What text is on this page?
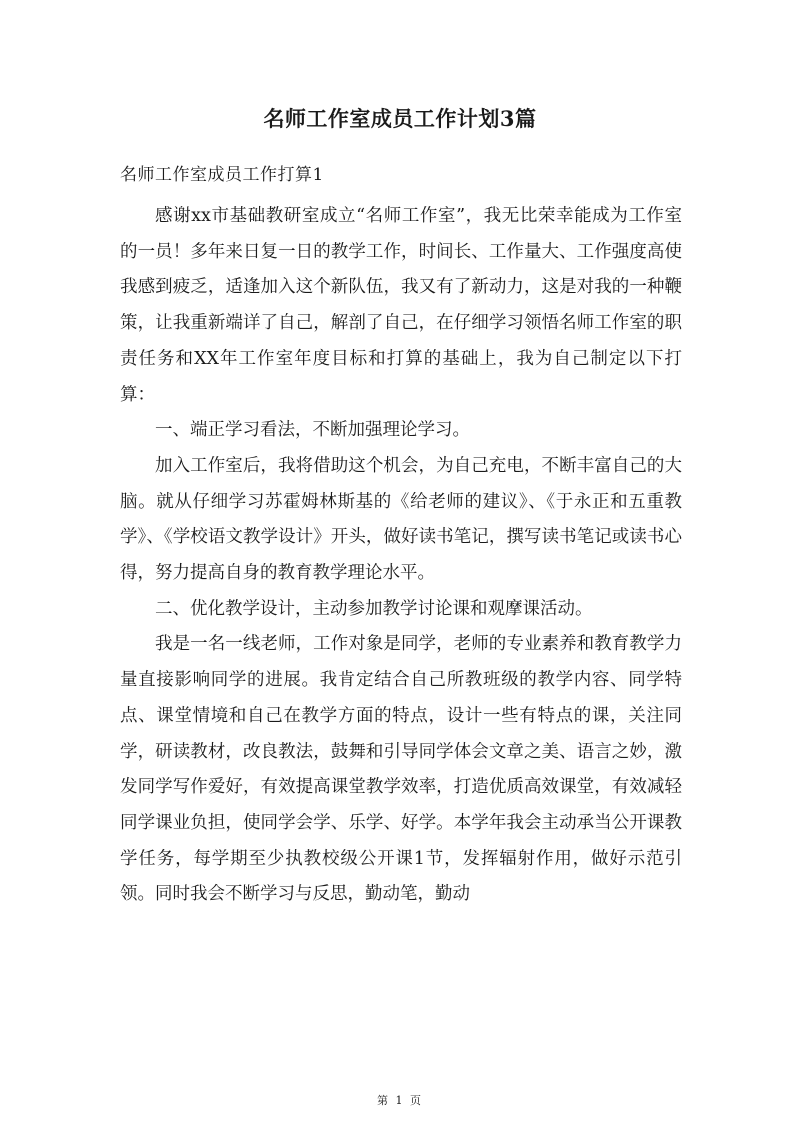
名师工作室成员工作计划3篇
名师工作室成员工作打算1

感谢xx市基础教研室成立“名师工作室”，我无比荣幸能成为工作室的一员！多年来日复一日的教学工作，时间长、工作量大、工作强度高使我感到疲乏，适逢加入这个新队伍，我又有了新动力，这是对我的一种鞭策，让我重新端详了自己，解剖了自己，在仔细学习领悟名师工作室的职责任务和XX年工作室年度目标和打算的基础上，我为自己制定以下打算：

一、端正学习看法，不断加强理论学习。

加入工作室后，我将借助这个机会，为自己充电，不断丰富自己的大脑。就从仔细学习苏霍姆林斯基的《给老师的建议》、《于永正和五重教学》、《学校语文教学设计》开头，做好读书笔记，撰写读书笔记或读书心得，努力提高自身的教育教学理论水平。

二、优化教学设计，主动参加教学讨论课和观摩课活动。

我是一名一线老师，工作对象是同学，老师的专业素养和教育教学力量直接影响同学的进展。我肯定结合自己所教班级的教学内容、同学特点、课堂情境和自己在教学方面的特点，设计一些有特点的课，关注同学，研读教材，改良教法，鼓舞和引导同学体会文章之美、语言之妙，激发同学写作爱好，有效提高课堂教学效率，打造优质高效课堂，有效减轻同学课业负担，使同学会学、乐学、好学。本学年我会主动承当公开课教学任务，每学期至少执教校级公开课1节，发挥辐射作用，做好示范引领。同时我会不断学习与反思，勤动笔，勤动

第 1 页
